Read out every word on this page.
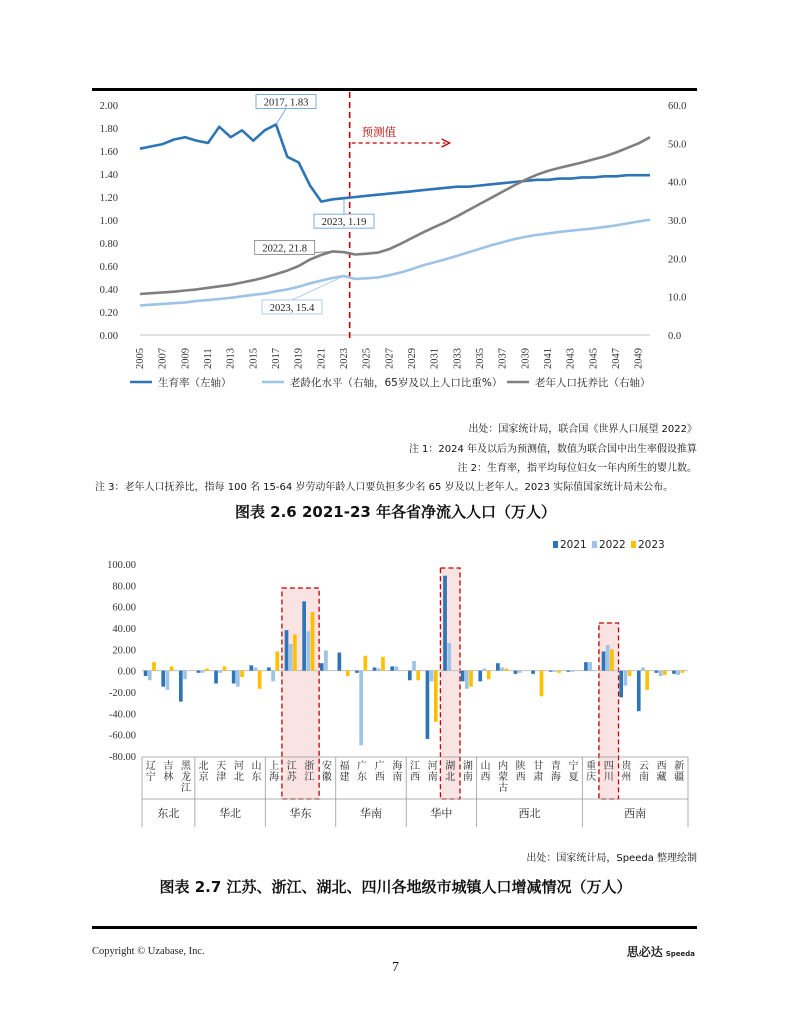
0.00
0.20
0.40
0.60
0.80
1.00
1.20
1.40
1.60
1.80
2.00
0.0
10.0
20.0
30.0
40.0
50.0
60.0
2005 2007 2009 2011 2013 2015 2017 2019 2021 2023 2025 2027 2029 2031 2033 2035 2037 2039 2041 2043 2045 2047 2049
预测值
2017, 1.83
2023, 1.19
2022, 21.8
2023, 15.4
生育率（左轴）	老龄化水平（右轴，65岁及以上人口比重%）	老年人口抚养比（右轴）
出处：国家统计局，联合国《世界人口展望 2022》
注 1：2024 年及以后为预测值，数值为联合国中出生率假设推算
注 2：生育率，指平均每位妇女一年内所生的婴儿数。
注 3：老年人口抚养比，指每 100 名 15-64 岁劳动年龄人口要负担多少名 65 岁及以上老年人。2023 实际值国家统计局未公布。
图表 2.6 2021-23 年各省净流入人口（万人）
100.00
80.00
60.00
40.00
20.00
0.00
-20.00
-40.00
-60.00
-80.00
辽宁
吉林
黑龙江
北京
天津
河北
山东
上海
江苏
浙江
安徽
福建
广东
广西
海南
江西
河南
湖北
湖南
山西
内蒙古
陕西
甘肃
青海
宁夏
重庆
四川
贵州
云南
西藏
新疆
东北	华北	华东	华南	华中	西北	西南
2021 2022 2023
出处：国家统计局，Speeda 整理绘制
图表 2.7 江苏、浙江、湖北、四川各地级市城镇人口增减情况（万人）
Copyright © Uzabase, Inc.	思必达 Speeda
7
